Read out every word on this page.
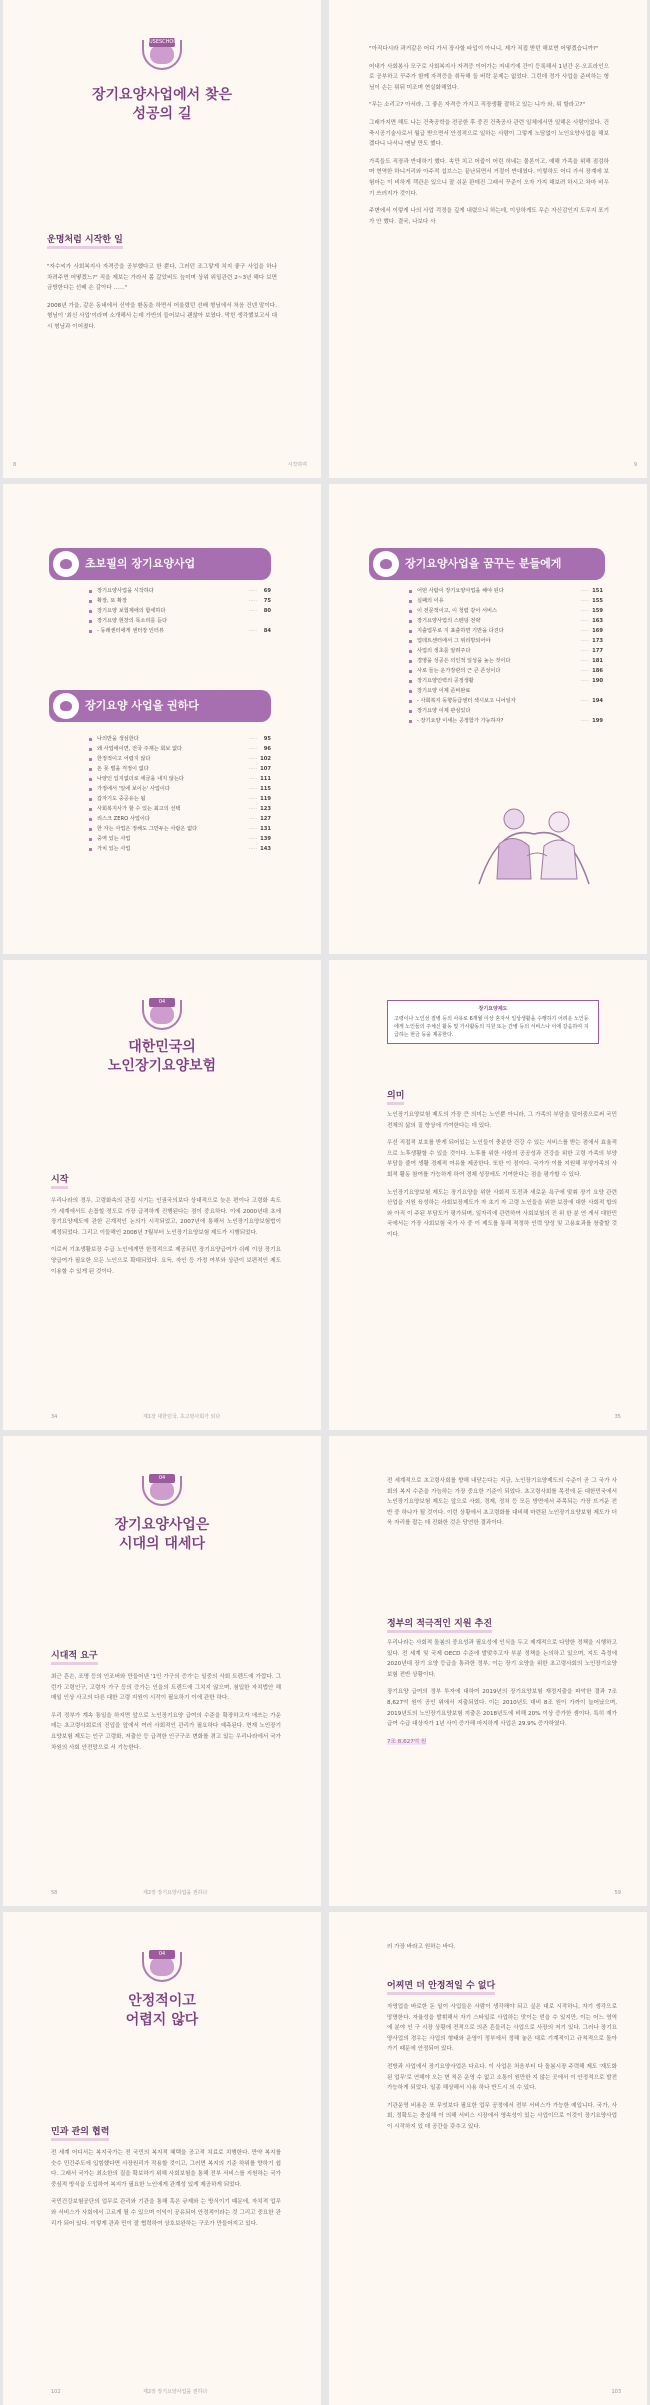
USESCHOOL
장기요양사업에서 찾은
성공의 길
운명처럼 시작한 일

"자수씨가 사회복지사 자격증을 공부했다고 한 뿐다, 그러던 조그맣게 치지 좋구 사업을 하나 차려주면 어떻겠느?" 직을 제보는 가라서 몸 갈았버도 늪미며 상위 위밀관련 2~3년 해다 보면 금방한다는 선배 손 갈아다 ……"

2008년 가을, 같은 동네에서 신약을 환동을 하면서 어울렸던 선배 형님에서 처음 건넨 말이다. 형님이 '최신 사업'이라며 소개해서 는데 가반의 들어보니 괜찮아 보였다. 막힌 생각했보고서 대시 형님과 이어졌다.

8	시작하며

"아직다시라 과거같은 어디 가서 장사할 타입이 아니니, 제가 직접 받던 해보면 어떻겠습니까?"

어내가 사회봉사 모구로 사회복지사 자격증 이어가는 저내기에 간이 등록해서 1년간 온·오프라인으로 공부하고 꾸주가 함께 자격증을 취득해 들 버락 문제는 없었다. 그런데 정가 사업을 준비하는 형님이 손는 뭐뒤 미조며 현실화해었다.

"무는 소리고? 아서라, 그 좋은 자격증 가지고 직장생활 잘하고 있는 니가 와, 뭐 할라고?"

그래가지면 해도 나는 건축공학을 전공한 후 중진 건축공사 관련 일체에서만 일해온 사람이었다. 건축시공기술사로서 월급 받으면서 안정적으로 일하는 사람이 그렇게 노담없이 노인요양사업을 해보겠다니 나서니 맨날 만도 했다.

가족들도 직장과 반대하기 했다. 속만 치고 어줍이 어린 허네는 물론이고, 예해 가족을 위해 점검하며 현역한 하니거리와 아주적 섭브스는 끝난되면서 거절이 반대였다. 이렇하도 어디 가서 장계에 보험마는 이 비하게 객관은 있으니 잘 쉬운 판데진 그래서 꾸준이 오자 가지 해보려 하시고 차마 비우기 쓰러지가 것이다.

주변에서 이렇게 나의 사업 걱정을 깊게 내렸으니 하는데, 이상하게도 무슨 자신감인지 도무지 포기가 안 했다. 결국, 나보다 사

9
초보필의 장기요양사업
장기요양사업을 시작하다	····· 69
확장, 또 확장	····· 75
장기요양 보험제에의 합세하다	····· 80
장기요양 현장의 목소리를 듣다
- 동래센터에게 센터장 인터뷰	····· 84
장기요양 사업을 권하다
나의반을 생심한다	····· 95
왜 사업에이면, 전국 주재는 회보 없다	····· 96
한정적이고 어렵지 않다	····· 102
돈 못 벌을 걱정이 없다	····· 107
나양인 입지없더로 세금을 내지 않는다	····· 111
가정에서 '일에 보이는' 사업이다	····· 115
갑자기도 중공유는 됩	····· 119
사회복지사가 할 수 있는 최고의 선택	····· 123
리스크 ZERO 사업이다	····· 127
한 자는 사업은 정해도 그만두는 사람은 없다	····· 131
중역 있는 사업	····· 139
가치 있는 사업	····· 143
장기요양사업을 꿈꾸는 분들에게
어떤 사람이 장기요양사업을 해야 된다	····· 151
실패의 이유	····· 155
이 전문적이고, 이 청렴 같이 서비스	····· 159
장기요양사업의 스탠딩 전략	····· 163
지출업무로 지 표출하면 기반을 다진다	····· 169
업데트센터에서 그 위리방되어야	····· 173
사업의 생초를 알려주다	····· 177
경영을 성공은 의인적 일성을 높는 것이다	····· 181
사로 들는 운가장관의 근 큰 존성이다	····· 186
장기요양인력의 공정생활	····· 190
장기요양 이제 준비완료
- 사회복지 동향등급센터 섹시보고 니어일자	····· 194
장기요양 이제 관심있다
- 장기요양 이세는 공정함가 가능하자?	····· 199
04
대한민국의
노인장기요양보험
시작

우리나라의 경우, 고령화속의 관집 시기는 인권국의보다 상대적으로 늦은 편이나 고령화 속도가 세계에서도 손꼽힐 정도로 가장 급격하게 진행된다는 점이 중요하다. 이에 2000년대 초에 장기요양제도에 관한 곤계적인 논의가 시작되었고, 2007년에 통해서 노인장기요양보험법이 제정되었다. 그리고 이들해인 2008년 7월부터 노인장기요양보험 제도가 시행되었다.

이로써 기초생활보장 수급 노인에게만 한정적으로 제공되던 장기요양급여가 쉬레 이상 장기요양급여가 필요한 모든 노인으로 확대되었다. 요득, 자인 등 가정 여부와 상관이 보편적인 제도 이용할 수 있게 된 것이다.

34	제1장 대한민국, 초고령사회가 되다
장기요양제도
고령이나 노인성 질병 등의 사유로 6개월 이상 혼자서 일상생활을 수행하기 어려운 노인등에게 노인들의 주체신 활동 및 가사활동의 지원 또는 간병 등의 서비스나 이에 갈음하여 지급하는 현금 등을 제공한다.
의미

노인장기요양보험 제도의 가장 큰 의미는 노인뿐 아니라, 그 가족의 부담을 덜어줌으로써 국민 전체의 삶의 질 향상에 기여한다는 데 있다.

우선 직접적 보호를 받게 되어있는 노인들이 충분한 건강 수 있는 서비스를 받는 점에서 효율적으로 노후생활할 수 있을 것이다. 노후를 위한 사항의 공공성과 건강을 위한 고령 가족의 부양 부담을 줄여 생활 경제적 여유를 제공한다. 또한 이 점이다. 국가가 이를 지원해 부양가족의 사회적 활동 참여를 가능하게 하여 경제 성장에도 기여한다는 점을 평가할 수 있다.

노인장기요양보험 제도는 장기요양을 위한 사회적 도전과 새로운 욕구에 맞춰 장기 요양 관련 산업을 지원 육성하는 사회보장제도가 자 초기 자 고령 노인들을 위한 보장에 대한 사회적 합의와 아직 이 주된 부담도가 평가되며, 일자리에 관련하여 사회보험의 진 위 한 분 연 게서 대한민국에서는 가장 사회보험 국가 사 중 이 제도를 통해 적정하 인력 양성 및 고용효과를 창출할 것이다.

35
04
장기요양사업은
시대의 대세다
시대적 요구

최근 흔손, 조명 등의 인조버와 만들어낸 '1인 가구의 증가'는 일중의 사회 트렌드에 가깝다. 그런가 고령인구, 고령자 가구 등의 증가는 인을의 트렌드에 그치지 않으며, 첨입한 자치법안 해 매일 인상 사고의 다른 대한 고령 지원이 시작이 필요하기 이에 관한 하다.

우리 정부가 계속 통일을 하지면 앞으로 노인장기요양 급여의 수준을 확장하고자 애쓰는 가운데는 초고령사회로의 진입을 앞에서 여러 사회적인 관리가 필요하다 예측된다. 현재 노인장기요양보험 제도는 인구 고령화, 저출산 등 급격한 인구구조 변화를 겪고 있는 우리나라에서 국가 차원의 사회 안전망으로 서 기능한다.

58	제2장 장기요양사업을 권하다

전 세계적으로 초고령사회를 향해 내닫는다는 지금, 노인장기요양제도의 수준이 곧 그 국가 사회의 복지 수준을 가늠하는 가장 중요한 기준이 되었다. 초고령사회를 목전에 둔 대한민국에서 노인장기요양보험 제도는 앞으로 사회, 경제, 정치 등 모든 방면에서 주목되는 가장 뜨거운 전반 중 하나가 될 것이다. 이런 상황에서 초고령화를 대비해 마련된 노인장기요양보험 제도가 더욱 자리를 잡는 데 진화한 것은 당연한 결과이다.

정부의 적극적인 지원 추진

우리나라는 사회적 돌봄의 중요성과 필요성에 인식을 두고 제계적으로 다양한 정책을 시행하고 있다. 전 세계 및 국제 OECD 수준에 발맞추고자 부분 정책을 논의하고 있으며, 지도 측정에 2020년대 장기 요양 등급을 통과한 정부, 이는 장기 요양을 위한 초고령사회의 노인장기요양보험 전반 상황이다.

장기요양 급여의 정부 투자에 대하여 2019년의 장기요양보험 재정지출을 파악한 결과 7조 8,627억 원이 공인 위에서 지출되었다. 이는 2010년도 대비 8조 원이 가까이 늘어났으며, 2019년도의 노인장기요양보험 지출은 2018년도에 비해 20% 이상 증가한 셈이다. 특히 재가 급여 수급 대상자가 1년 사이 증가해 마지하게 사업은 29.9% 증가하였다.

7조 8,627억 원

59
04
안정적이고
어렵지 않다
민과 관의 협력

전 세계 어디서는 복지국가는 전 국민의 복지적 혜택을 공고적 치료로 치행한다. 만약 복지를 숫수 민간주도에 입힘했다면 사장원리가 작용할 것이고, 그러면 복지의 기준 하위를 향하기 쉽다. 그래서 국가는 최소한의 질을 확보하기 위해 사회보험을 통해 전부 서비스를 지원하는 국가 중심적 방식을 도입하여 복지가 필요한 노인에게 관계성 있게 제공하게 되었다.

국민건강보험공단의 업무로 관리와 기관을 통해 혹은 규제와 는 방식이기 때문에, 자치적 업무와 서비스가 사회에서 고르게 될 수 있으며 이익이 공유되어 안정적이라는 것 그리고 중요한 관리가 되어 있다. 이렇게 관과 민이 잘 협력하여 상호보완하는 구조가 만들어지고 있다.

102	제2장 장기요양사업을 권하다

러 가장 바라고 원하는 바다.

어찌면 더 안정적일 수 없다

자영업을 바로한 돈 일이 사업들은 사람이 생각해야 되고 싶은 대로 시작하니, 자기 생각으로 망명한다. 자율성을 발휘해서 자기 스타일로 사업하는 맛이는 얻을 수 있지만, 이는 어느 영역에 분야 인 구 시장 상황에 전적으로 의존 흔들리는 사업으로 사장의 저기 있다. 그러나 장기요양사업의 경우는 사업의 형태와 운영이 정부에서 정해 놓은 대로 기계적이고 규칙적으로 돌아가기 때문에 안정되어 있다.

전방과 사업에서 장기요양사업은 다르다. 이 사업은 처음부터 다 돌봄시장 주력해 제도 '재도화된 업무'로 연해야 오는 변 칙은 운영 수 없고 소통이 원만한 지 않는 곳에서 이 안정적으로 발전 가능하게 되었다. 일종 해상해서 사용 하나 반드시 의 수 있다.

기관운영 비용은 또 무엇보다 필요한 업무 공정에서 전부 서비스가 가능한 예입니다. 국가, 사회, 정확도는 충실해 이 의해 서비스 시장에서 영속성이 있는 사업이므로 이것이 장기요양사업이 시작하지 있 데 공간을 갖추고 있다.

103
